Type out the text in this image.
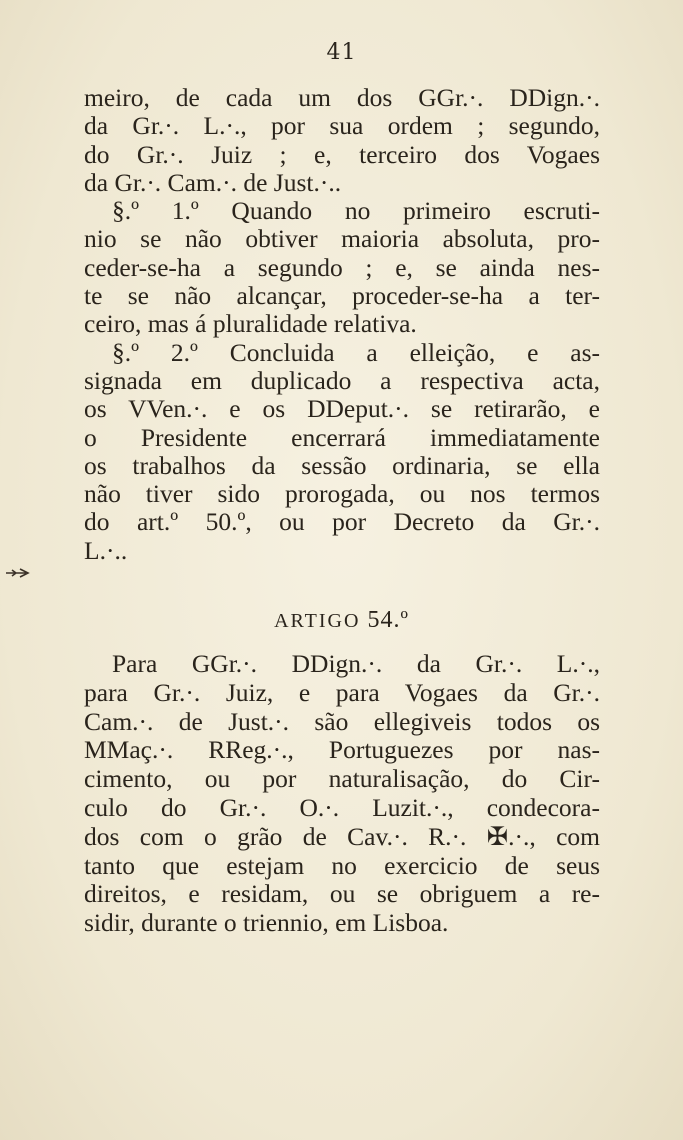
41
meiro, de cada um dos GGr.·. DDign.·.
da Gr.·. L.·., por sua ordem ; segundo,
do Gr.·. Juiz ; e, terceiro dos Vogaes
da Gr.·. Cam.·. de Just.·..
§.º 1.º Quando no primeiro escruti-
nio se não obtiver maioria absoluta, pro-
ceder-se-ha a segundo ; e, se ainda nes-
te se não alcançar, proceder-se-ha a ter-
ceiro, mas á pluralidade relativa.
§.º 2.º Concluida a elleição, e as-
signada em duplicado a respectiva acta,
os VVen.·. e os DDeput.·. se retirarão, e
o Presidente encerrará immediatamente
os trabalhos da sessão ordinaria, se ella
não tiver sido prorogada, ou nos termos
do art.º 50.º, ou por Decreto da Gr.·.
L.·..
ARTIGO 54.º
Para GGr.·. DDign.·. da Gr.·. L.·.,
para Gr.·. Juiz, e para Vogaes da Gr.·.
Cam.·. de Just.·. são ellegiveis todos os
MMaç.·. RReg.·., Portuguezes por nas-
cimento, ou por naturalisação, do Cir-
culo do Gr.·. O.·. Luzit.·., condecora-
dos com o grão de Cav.·. R.·. ✠.·., com
tanto que estejam no exercicio de seus
direitos, e residam, ou se obriguem a re-
sidir, durante o triennio, em Lisboa.
